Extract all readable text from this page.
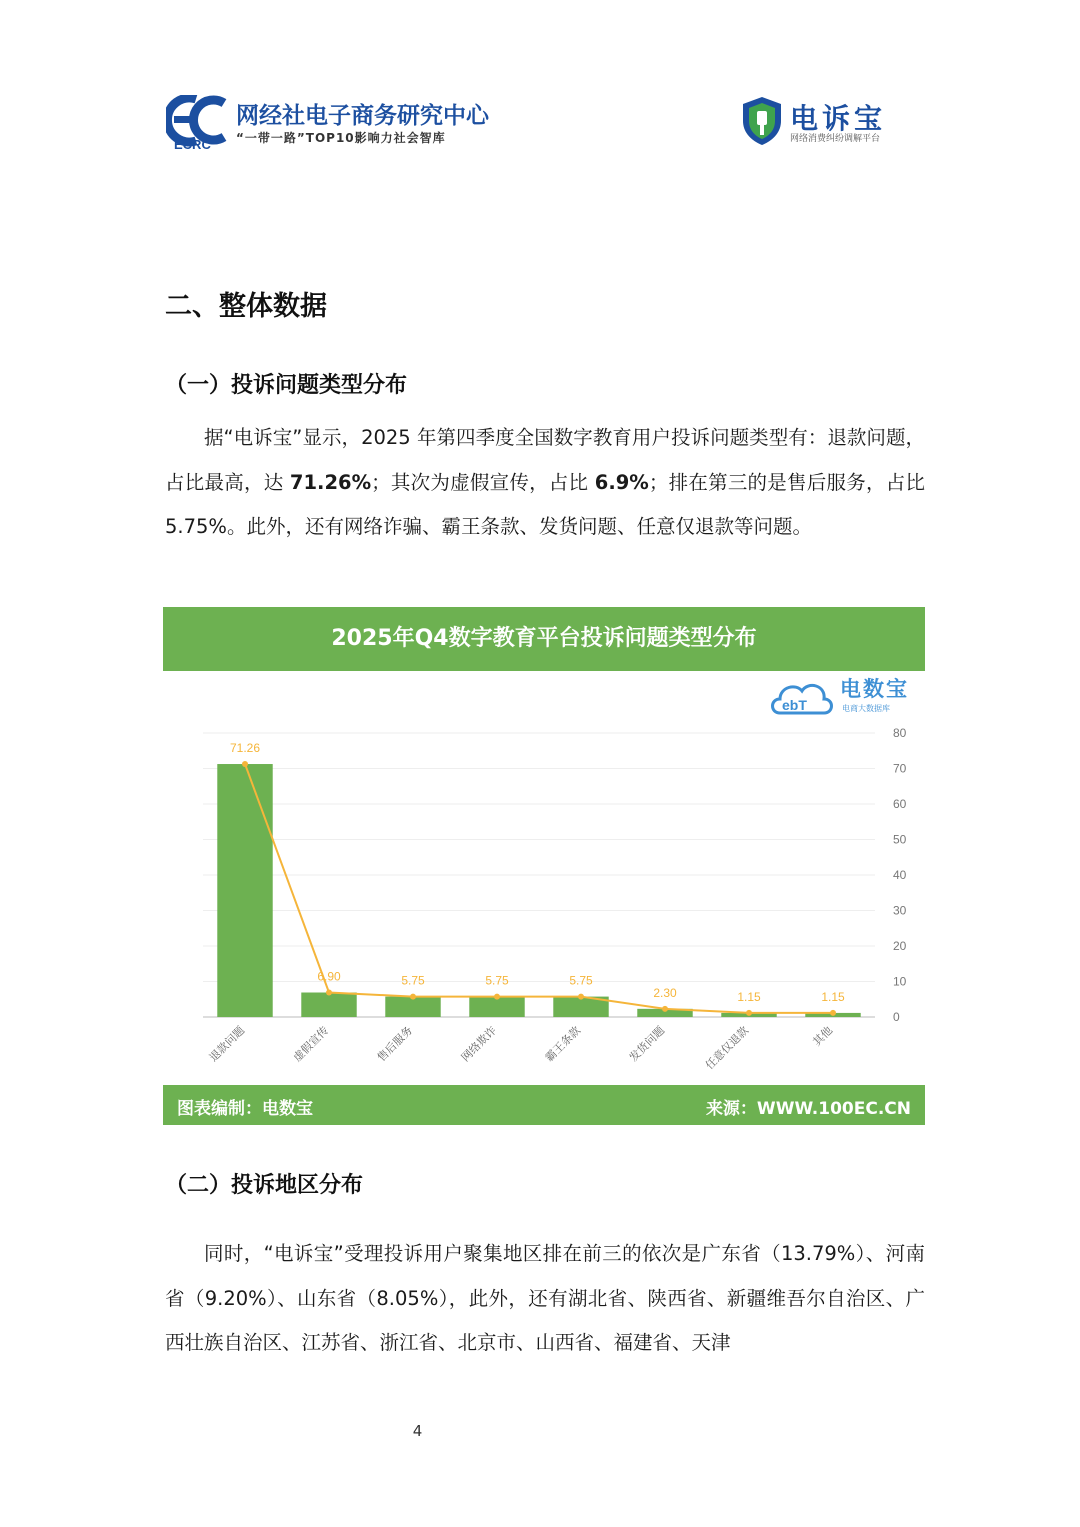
ECRC
网经社电子商务研究中心
“一带一路”TOP10影响力社会智库
电诉宝
网络消费纠纷调解平台
二、整体数据
（一）投诉问题类型分布

据“电诉宝”显示，2025 年第四季度全国数字教育用户投诉问题类型有：退款问题，占比最高，达 71.26%；其次为虚假宣传，占比 6.9%；排在第三的是售后服务，占比 5.75%。此外，还有网络诈骗、霸王条款、发货问题、任意仅退款等问题。

2025年Q4数字教育平台投诉问题类型分布
ebT
电数宝
电商大数据库
0
10
20
30
40
50
60
70
80
71.26
退款问题
6.90
虚假宣传
5.75
售后服务
5.75
网络欺诈
5.75
霸王条款
2.30
发货问题
1.15
任意仅退款
1.15
其他
图表编制：电数宝	来源：WWW.100EC.CN
（二）投诉地区分布

同时，“电诉宝”受理投诉用户聚集地区排在前三的依次是广东省（13.79%）、河南省（9.20%）、山东省（8.05%），此外，还有湖北省、陕西省、新疆维吾尔自治区、广西壮族自治区、江苏省、浙江省、北京市、山西省、福建省、天津

4
